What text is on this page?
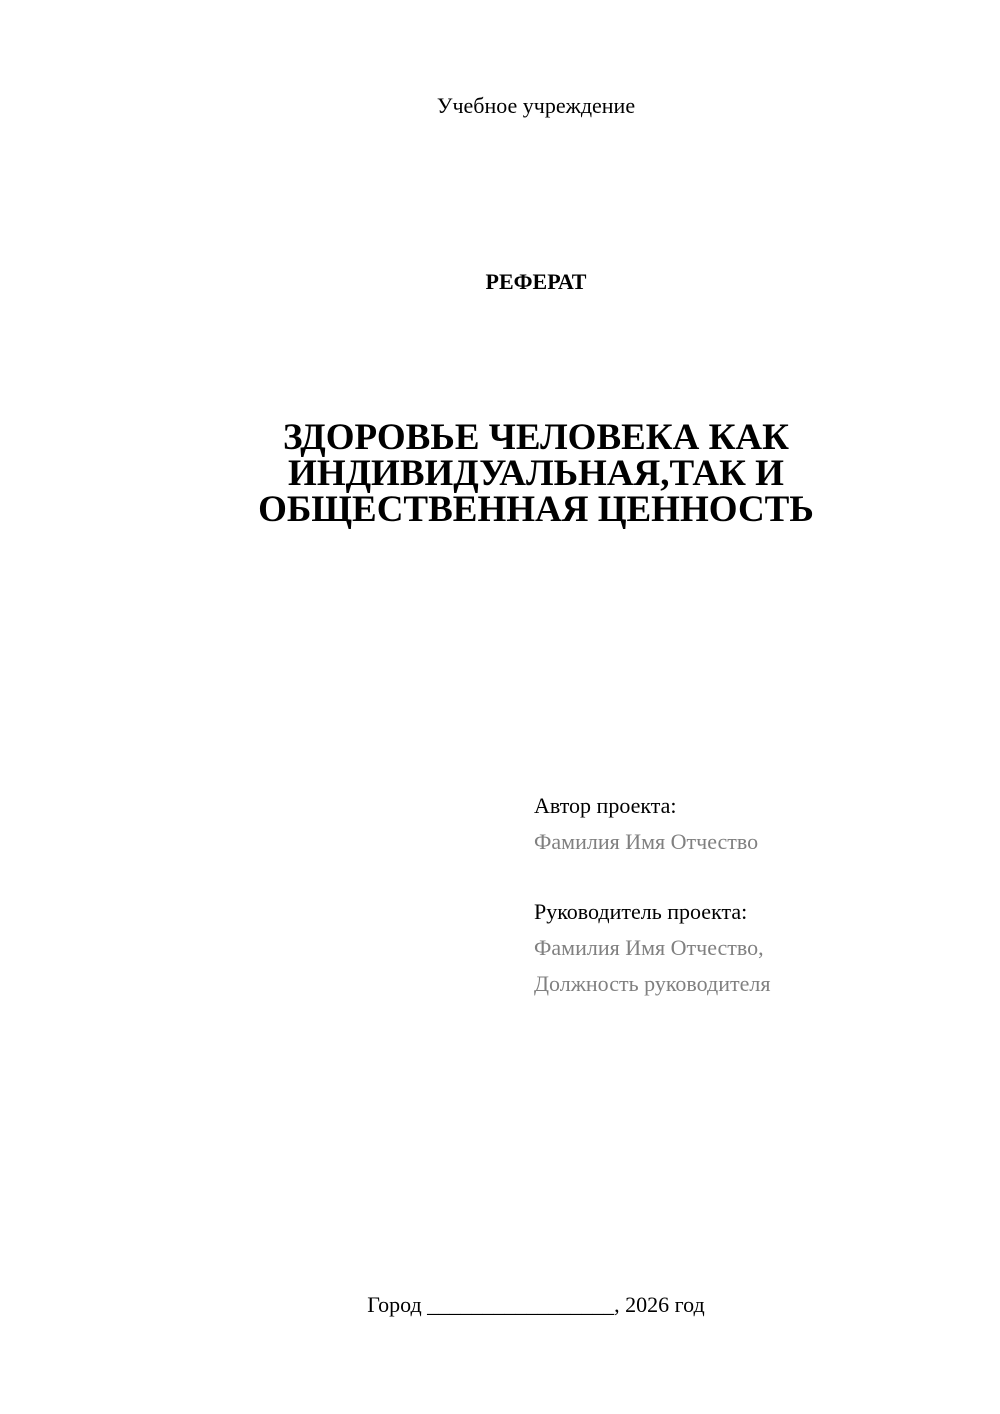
Учебное учреждение
РЕФЕРАТ
ЗДОРОВЬЕ ЧЕЛОВЕКА КАК
ИНДИВИДУАЛЬНАЯ,ТАК И
ОБЩЕСТВЕННАЯ ЦЕННОСТЬ
Автор проекта:
Фамилия Имя Отчество
Руководитель проекта:
Фамилия Имя Отчество,
Должность руководителя
Город _________________, 2026 год
